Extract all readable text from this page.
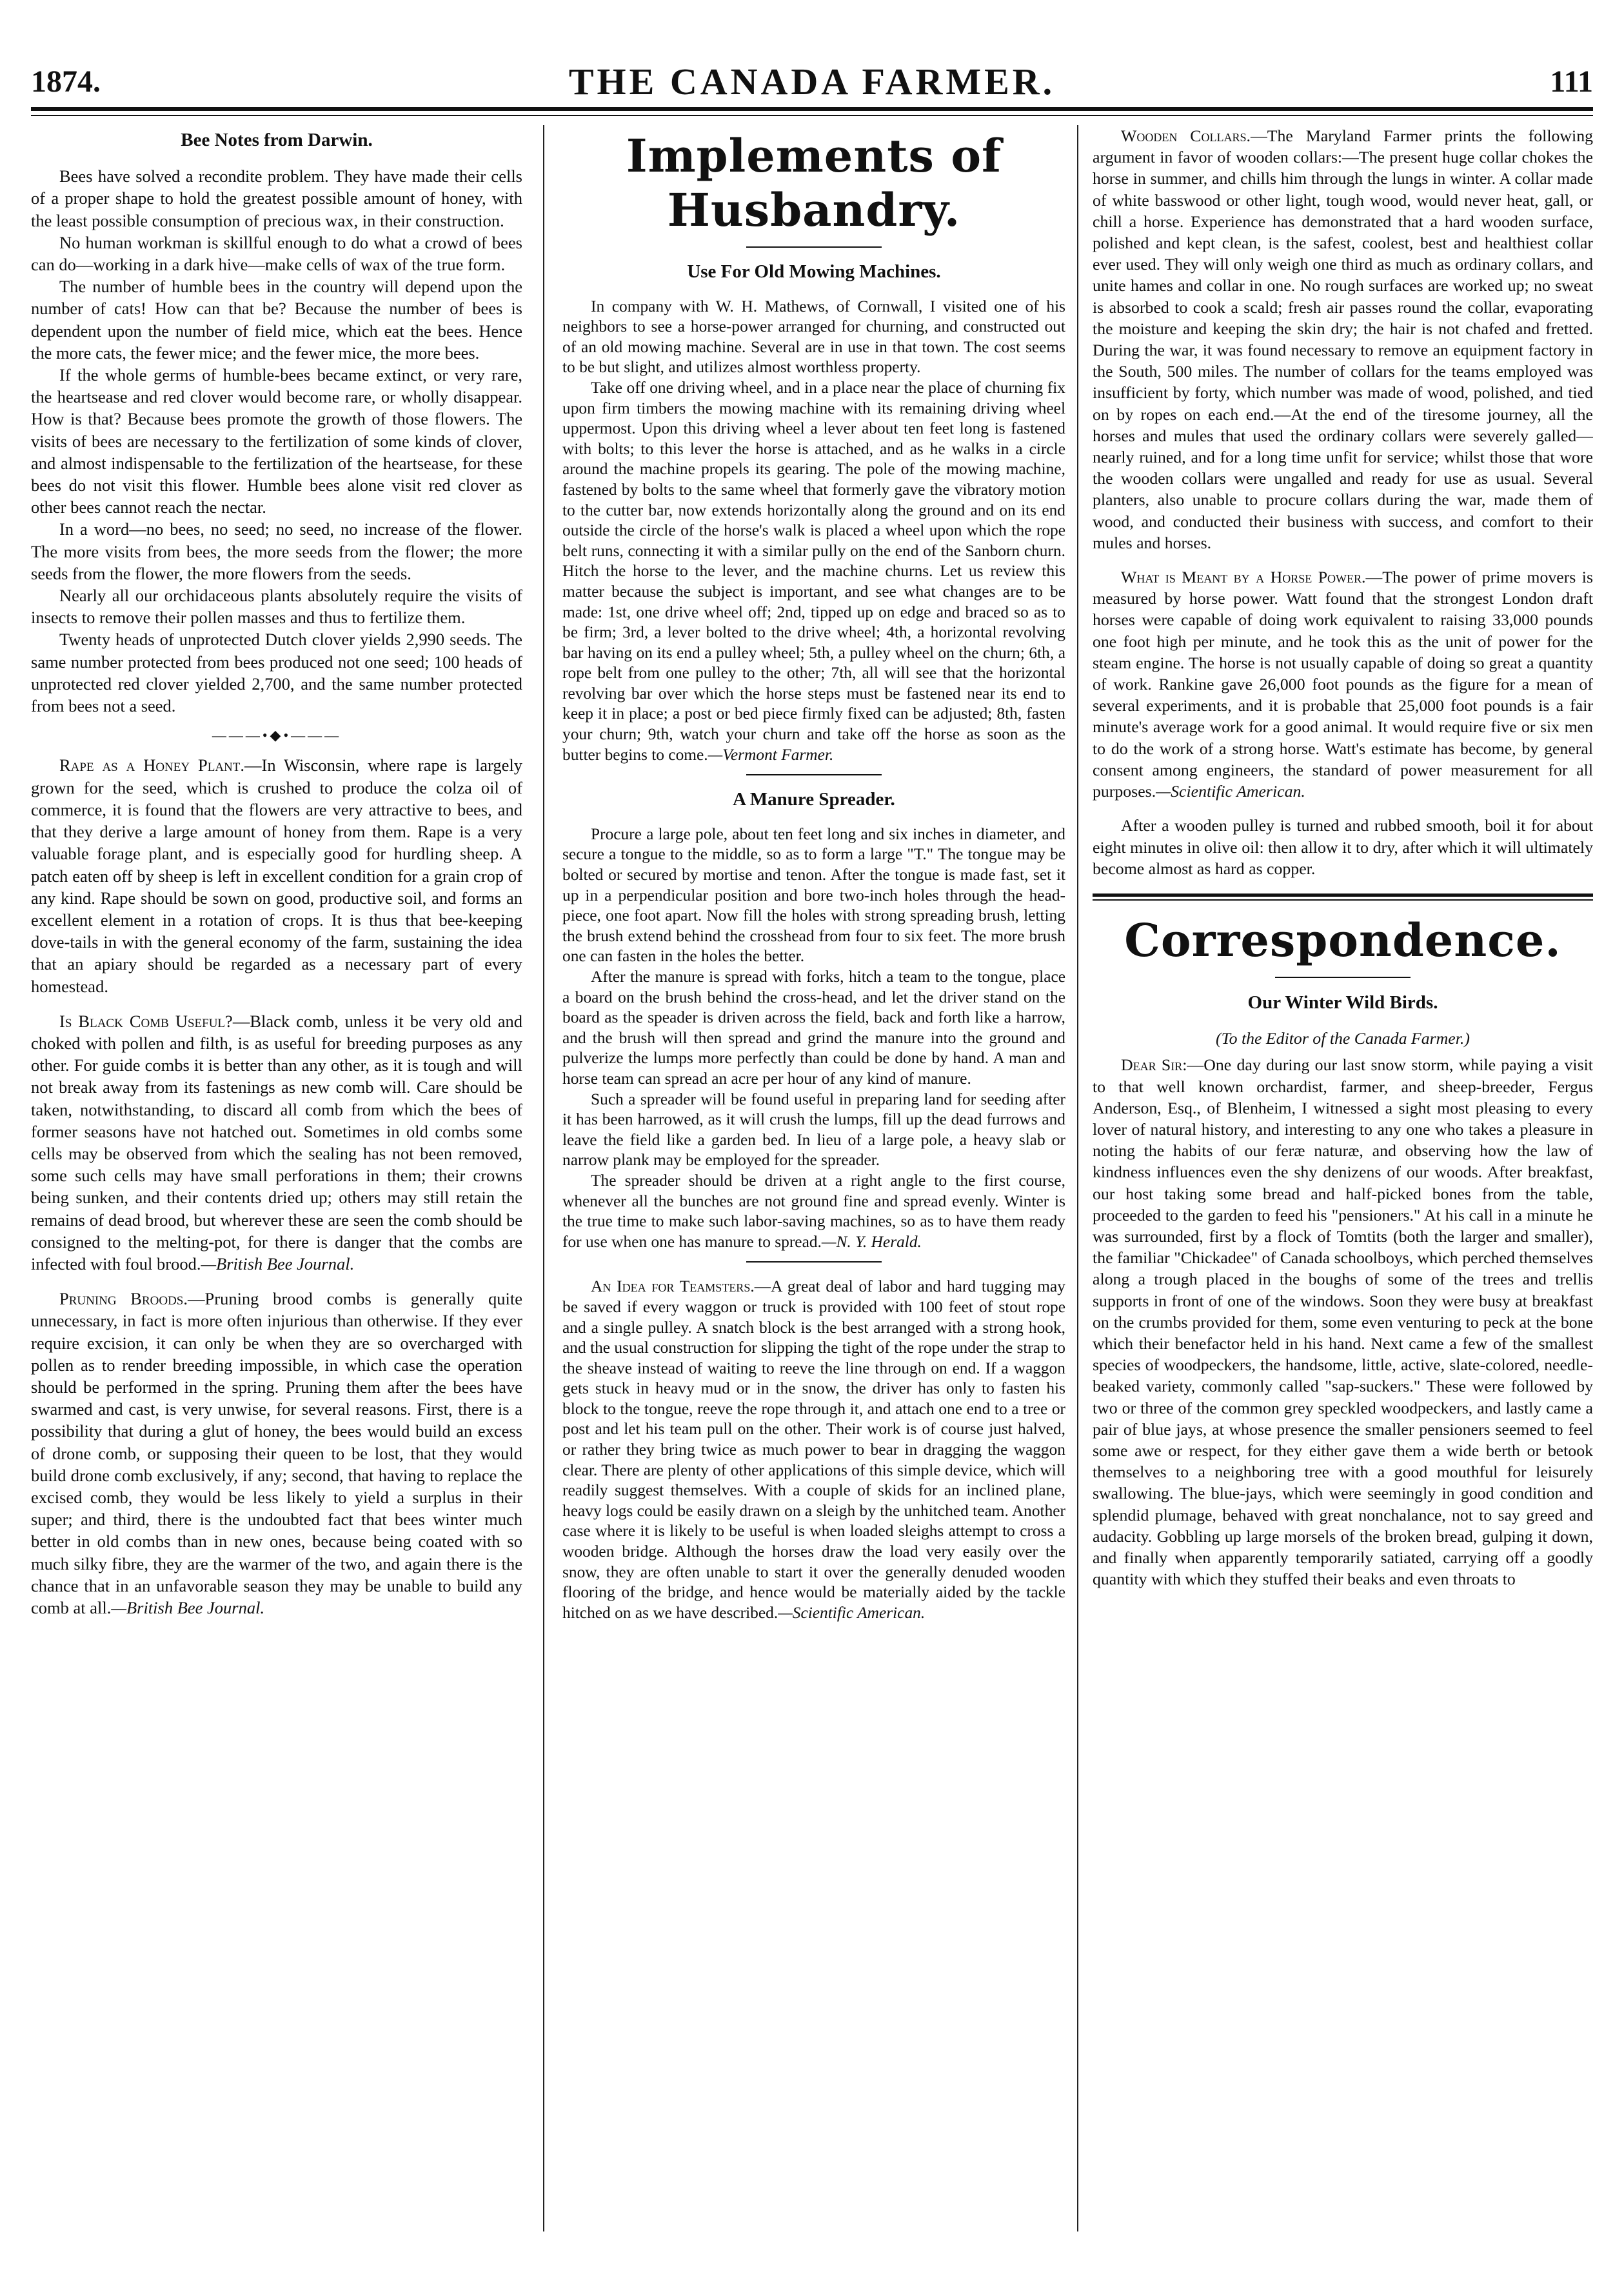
1874.	THE CANADA FARMER.	111
Bee Notes from Darwin.

Bees have solved a recondite problem. They have made their cells of a proper shape to hold the greatest possible amount of honey, with the least possible consumption of precious wax, in their construction.

No human workman is skillful enough to do what a crowd of bees can do—working in a dark hive—make cells of wax of the true form.

The number of humble bees in the country will depend upon the number of cats! How can that be? Because the number of bees is dependent upon the number of field mice, which eat the bees. Hence the more cats, the fewer mice; and the fewer mice, the more bees.

If the whole germs of humble-bees became extinct, or very rare, the heartsease and red clover would become rare, or wholly disappear. How is that? Because bees promote the growth of those flowers. The visits of bees are necessary to the fertilization of some kinds of clover, and almost indispensable to the fertilization of the heartsease, for these bees do not visit this flower. Humble bees alone visit red clover as other bees cannot reach the nectar.

In a word—no bees, no seed; no seed, no increase of the flower. The more visits from bees, the more seeds from the flower; the more seeds from the flower, the more flowers from the seeds.

Nearly all our orchidaceous plants absolutely require the visits of insects to remove their pollen masses and thus to fertilize them.

Twenty heads of unprotected Dutch clover yields 2,990 seeds. The same number protected from bees produced not one seed; 100 heads of unprotected red clover yielded 2,700, and the same number protected from bees not a seed.

———•◆•———

Rape as a Honey Plant.—In Wisconsin, where rape is largely grown for the seed, which is crushed to produce the colza oil of commerce, it is found that the flowers are very attractive to bees, and that they derive a large amount of honey from them. Rape is a very valuable forage plant, and is especially good for hurdling sheep. A patch eaten off by sheep is left in excellent condition for a grain crop of any kind. Rape should be sown on good, productive soil, and forms an excellent element in a rotation of crops. It is thus that bee-keeping dove-tails in with the general economy of the farm, sustaining the idea that an apiary should be regarded as a necessary part of every homestead.

Is Black Comb Useful?—Black comb, unless it be very old and choked with pollen and filth, is as useful for breeding purposes as any other. For guide combs it is better than any other, as it is tough and will not break away from its fastenings as new comb will. Care should be taken, notwithstanding, to discard all comb from which the bees of former seasons have not hatched out. Sometimes in old combs some cells may be observed from which the sealing has not been removed, some such cells may have small perforations in them; their crowns being sunken, and their contents dried up; others may still retain the remains of dead brood, but wherever these are seen the comb should be consigned to the melting-pot, for there is danger that the combs are infected with foul brood.—British Bee Journal.

Pruning Broods.—Pruning brood combs is generally quite unnecessary, in fact is more often injurious than otherwise. If they ever require excision, it can only be when they are so overcharged with pollen as to render breeding impossible, in which case the operation should be performed in the spring. Pruning them after the bees have swarmed and cast, is very unwise, for several reasons. First, there is a possibility that during a glut of honey, the bees would build an excess of drone comb, or supposing their queen to be lost, that they would build drone comb exclusively, if any; second, that having to replace the excised comb, they would be less likely to yield a surplus in their super; and third, there is the undoubted fact that bees winter much better in old combs than in new ones, because being coated with so much silky fibre, they are the warmer of the two, and again there is the chance that in an unfavorable season they may be unable to build any comb at all.—British Bee Journal.

Implements of Husbandry.
Use For Old Mowing Machines.

In company with W. H. Mathews, of Cornwall, I visited one of his neighbors to see a horse-power arranged for churning, and constructed out of an old mowing machine. Several are in use in that town. The cost seems to be but slight, and utilizes almost worthless property.

Take off one driving wheel, and in a place near the place of churning fix upon firm timbers the mowing machine with its remaining driving wheel uppermost. Upon this driving wheel a lever about ten feet long is fastened with bolts; to this lever the horse is attached, and as he walks in a circle around the machine propels its gearing. The pole of the mowing machine, fastened by bolts to the same wheel that formerly gave the vibratory motion to the cutter bar, now extends horizontally along the ground and on its end outside the circle of the horse's walk is placed a wheel upon which the rope belt runs, connecting it with a similar pully on the end of the Sanborn churn. Hitch the horse to the lever, and the machine churns. Let us review this matter because the subject is important, and see what changes are to be made: 1st, one drive wheel off; 2nd, tipped up on edge and braced so as to be firm; 3rd, a lever bolted to the drive wheel; 4th, a horizontal revolving bar having on its end a pulley wheel; 5th, a pulley wheel on the churn; 6th, a rope belt from one pulley to the other; 7th, all will see that the horizontal revolving bar over which the horse steps must be fastened near its end to keep it in place; a post or bed piece firmly fixed can be adjusted; 8th, fasten your churn; 9th, watch your churn and take off the horse as soon as the butter begins to come.—Vermont Farmer.

A Manure Spreader.

Procure a large pole, about ten feet long and six inches in diameter, and secure a tongue to the middle, so as to form a large "T." The tongue may be bolted or secured by mortise and tenon. After the tongue is made fast, set it up in a perpendicular position and bore two-inch holes through the head-piece, one foot apart. Now fill the holes with strong spreading brush, letting the brush extend behind the crosshead from four to six feet. The more brush one can fasten in the holes the better.

After the manure is spread with forks, hitch a team to the tongue, place a board on the brush behind the cross-head, and let the driver stand on the board as the speader is driven across the field, back and forth like a harrow, and the brush will then spread and grind the manure into the ground and pulverize the lumps more perfectly than could be done by hand. A man and horse team can spread an acre per hour of any kind of manure.

Such a spreader will be found useful in preparing land for seeding after it has been harrowed, as it will crush the lumps, fill up the dead furrows and leave the field like a garden bed. In lieu of a large pole, a heavy slab or narrow plank may be employed for the spreader.

The spreader should be driven at a right angle to the first course, whenever all the bunches are not ground fine and spread evenly. Winter is the true time to make such labor-saving machines, so as to have them ready for use when one has manure to spread.—N. Y. Herald.

An Idea for Teamsters.—A great deal of labor and hard tugging may be saved if every waggon or truck is provided with 100 feet of stout rope and a single pulley. A snatch block is the best arranged with a strong hook, and the usual construction for slipping the tight of the rope under the strap to the sheave instead of waiting to reeve the line through on end. If a waggon gets stuck in heavy mud or in the snow, the driver has only to fasten his block to the tongue, reeve the rope through it, and attach one end to a tree or post and let his team pull on the other. Their work is of course just halved, or rather they bring twice as much power to bear in dragging the waggon clear. There are plenty of other applications of this simple device, which will readily suggest themselves. With a couple of skids for an inclined plane, heavy logs could be easily drawn on a sleigh by the unhitched team. Another case where it is likely to be useful is when loaded sleighs attempt to cross a wooden bridge. Although the horses draw the load very easily over the snow, they are often unable to start it over the generally denuded wooden flooring of the bridge, and hence would be materially aided by the tackle hitched on as we have described.—Scientific American.

Wooden Collars.—The Maryland Farmer prints the following argument in favor of wooden collars:—The present huge collar chokes the horse in summer, and chills him through the lungs in winter. A collar made of white basswood or other light, tough wood, would never heat, gall, or chill a horse. Experience has demonstrated that a hard wooden surface, polished and kept clean, is the safest, coolest, best and healthiest collar ever used. They will only weigh one third as much as ordinary collars, and unite hames and collar in one. No rough surfaces are worked up; no sweat is absorbed to cook a scald; fresh air passes round the collar, evaporating the moisture and keeping the skin dry; the hair is not chafed and fretted. During the war, it was found necessary to remove an equipment factory in the South, 500 miles. The number of collars for the teams employed was insufficient by forty, which number was made of wood, polished, and tied on by ropes on each end.—At the end of the tiresome journey, all the horses and mules that used the ordinary collars were severely galled—nearly ruined, and for a long time unfit for service; whilst those that wore the wooden collars were ungalled and ready for use as usual. Several planters, also unable to procure collars during the war, made them of wood, and conducted their business with success, and comfort to their mules and horses.

What is Meant by a Horse Power.—The power of prime movers is measured by horse power. Watt found that the strongest London draft horses were capable of doing work equivalent to raising 33,000 pounds one foot high per minute, and he took this as the unit of power for the steam engine. The horse is not usually capable of doing so great a quantity of work. Rankine gave 26,000 foot pounds as the figure for a mean of several experiments, and it is probable that 25,000 foot pounds is a fair minute's average work for a good animal. It would require five or six men to do the work of a strong horse. Watt's estimate has become, by general consent among engineers, the standard of power measurement for all purposes.—Scientific American.

After a wooden pulley is turned and rubbed smooth, boil it for about eight minutes in olive oil: then allow it to dry, after which it will ultimately become almost as hard as copper.

Correspondence.
Our Winter Wild Birds.
(To the Editor of the Canada Farmer.)

Dear Sir:—One day during our last snow storm, while paying a visit to that well known orchardist, farmer, and sheep-breeder, Fergus Anderson, Esq., of Blenheim, I witnessed a sight most pleasing to every lover of natural history, and interesting to any one who takes a pleasure in noting the habits of our feræ naturæ, and observing how the law of kindness influences even the shy denizens of our woods. After breakfast, our host taking some bread and half-picked bones from the table, proceeded to the garden to feed his "pensioners." At his call in a minute he was surrounded, first by a flock of Tomtits (both the larger and smaller), the familiar "Chickadee" of Canada schoolboys, which perched themselves along a trough placed in the boughs of some of the trees and trellis supports in front of one of the windows. Soon they were busy at breakfast on the crumbs provided for them, some even venturing to peck at the bone which their benefactor held in his hand. Next came a few of the smallest species of woodpeckers, the handsome, little, active, slate-colored, needle-beaked variety, commonly called "sap-suckers." These were followed by two or three of the common grey speckled woodpeckers, and lastly came a pair of blue jays, at whose presence the smaller pensioners seemed to feel some awe or respect, for they either gave them a wide berth or betook themselves to a neighboring tree with a good mouthful for leisurely swallowing. The blue-jays, which were seemingly in good condition and splendid plumage, behaved with great nonchalance, not to say greed and audacity. Gobbling up large morsels of the broken bread, gulping it down, and finally when apparently temporarily satiated, carrying off a goodly quantity with which they stuffed their beaks and even throats to
